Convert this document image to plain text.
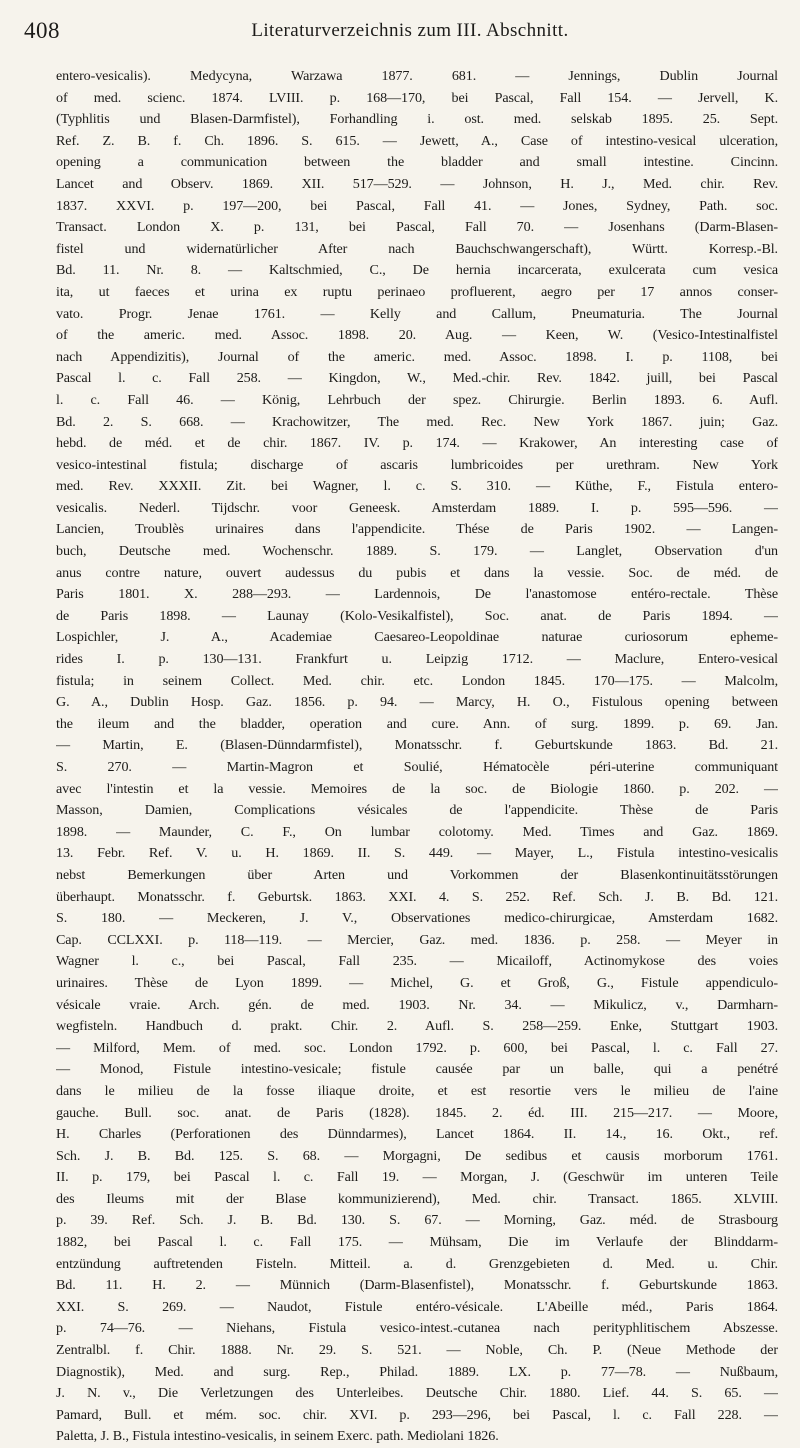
408	Literaturverzeichnis zum III. Abschnitt.
entero-vesicalis). Medycyna, Warzawa 1877. 681. — Jennings, Dublin Journal
of med. scienc. 1874. LVIII. p. 168—170, bei Pascal, Fall 154. — Jervell, K.
(Typhlitis und Blasen-Darmfistel), Forhandling i. ost. med. selskab 1895. 25. Sept.
Ref. Z. B. f. Ch. 1896. S. 615. — Jewett, A., Case of intestino-vesical ulceration,
opening a communication between the bladder and small intestine. Cincinn.
Lancet and Observ. 1869. XII. 517—529. — Johnson, H. J., Med. chir. Rev.
1837. XXVI. p. 197—200, bei Pascal, Fall 41. — Jones, Sydney, Path. soc.
Transact. London X. p. 131, bei Pascal, Fall 70. — Josenhans (Darm-Blasen-
fistel und widernatürlicher After nach Bauchschwangerschaft), Württ. Korresp.-Bl.
Bd. 11. Nr. 8. — Kaltschmied, C., De hernia incarcerata, exulcerata cum vesica
ita, ut faeces et urina ex ruptu perinaeo profluerent, aegro per 17 annos conser-
vato. Progr. Jenae 1761. — Kelly and Callum, Pneumaturia. The Journal
of the americ. med. Assoc. 1898. 20. Aug. — Keen, W. (Vesico-Intestinalfistel
nach Appendizitis), Journal of the americ. med. Assoc. 1898. I. p. 1108, bei
Pascal l. c. Fall 258. — Kingdon, W., Med.-chir. Rev. 1842. juill, bei Pascal
l. c. Fall 46. — König, Lehrbuch der spez. Chirurgie. Berlin 1893. 6. Aufl.
Bd. 2. S. 668. — Krachowitzer, The med. Rec. New York 1867. juin; Gaz.
hebd. de méd. et de chir. 1867. IV. p. 174. — Krakower, An interesting case of
vesico-intestinal fistula; discharge of ascaris lumbricoides per urethram. New York
med. Rev. XXXII. Zit. bei Wagner, l. c. S. 310. — Küthe, F., Fistula entero-
vesicalis. Nederl. Tijdschr. voor Geneesk. Amsterdam 1889. I. p. 595—596. —
Lancien, Troublès urinaires dans l'appendicite. Thése de Paris 1902. — Langen-
buch, Deutsche med. Wochenschr. 1889. S. 179. — Langlet, Observation d'un
anus contre nature, ouvert audessus du pubis et dans la vessie. Soc. de méd. de
Paris 1801. X. 288—293. — Lardennois, De l'anastomose entéro-rectale. Thèse
de Paris 1898. — Launay (Kolo-Vesikalfistel), Soc. anat. de Paris 1894. —
Lospichler, J. A., Academiae Caesareo-Leopoldinae naturae curiosorum epheme-
rides I. p. 130—131. Frankfurt u. Leipzig 1712. — Maclure, Entero-vesical
fistula; in seinem Collect. Med. chir. etc. London 1845. 170—175. — Malcolm,
G. A., Dublin Hosp. Gaz. 1856. p. 94. — Marcy, H. O., Fistulous opening between
the ileum and the bladder, operation and cure. Ann. of surg. 1899. p. 69. Jan.
— Martin, E. (Blasen-Dünndarmfistel), Monatsschr. f. Geburtskunde 1863. Bd. 21.
S. 270. — Martin-Magron et Soulié, Hématocèle péri-uterine communiquant
avec l'intestin et la vessie. Memoires de la soc. de Biologie 1860. p. 202. —
Masson, Damien, Complications vésicales de l'appendicite. Thèse de Paris
1898. — Maunder, C. F., On lumbar colotomy. Med. Times and Gaz. 1869.
13. Febr. Ref. V. u. H. 1869. II. S. 449. — Mayer, L., Fistula intestino-vesicalis
nebst Bemerkungen über Arten und Vorkommen der Blasenkontinuitätsstörungen
überhaupt. Monatsschr. f. Geburtsk. 1863. XXI. 4. S. 252. Ref. Sch. J. B. Bd. 121.
S. 180. — Meckeren, J. V., Observationes medico-chirurgicae, Amsterdam 1682.
Cap. CCLXXI. p. 118—119. — Mercier, Gaz. med. 1836. p. 258. — Meyer in
Wagner l. c., bei Pascal, Fall 235. — Micailoff, Actinomykose des voies
urinaires. Thèse de Lyon 1899. — Michel, G. et Groß, G., Fistule appendiculo-
vésicale vraie. Arch. gén. de med. 1903. Nr. 34. — Mikulicz, v., Darmharn-
wegfisteln. Handbuch d. prakt. Chir. 2. Aufl. S. 258—259. Enke, Stuttgart 1903.
— Milford, Mem. of med. soc. London 1792. p. 600, bei Pascal, l. c. Fall 27.
— Monod, Fistule intestino-vesicale; fistule causée par un balle, qui a penétré
dans le milieu de la fosse iliaque droite, et est resortie vers le milieu de l'aine
gauche. Bull. soc. anat. de Paris (1828). 1845. 2. éd. III. 215—217. — Moore,
H. Charles (Perforationen des Dünndarmes), Lancet 1864. II. 14., 16. Okt., ref.
Sch. J. B. Bd. 125. S. 68. — Morgagni, De sedibus et causis morborum 1761.
II. p. 179, bei Pascal l. c. Fall 19. — Morgan, J. (Geschwür im unteren Teile
des Ileums mit der Blase kommunizierend), Med. chir. Transact. 1865. XLVIII.
p. 39. Ref. Sch. J. B. Bd. 130. S. 67. — Morning, Gaz. méd. de Strasbourg
1882, bei Pascal l. c. Fall 175. — Mühsam, Die im Verlaufe der Blinddarm-
entzündung auftretenden Fisteln. Mitteil. a. d. Grenzgebieten d. Med. u. Chir.
Bd. 11. H. 2. — Münnich (Darm-Blasenfistel), Monatsschr. f. Geburtskunde 1863.
XXI. S. 269. — Naudot, Fistule entéro-vésicale. L'Abeille méd., Paris 1864.
p. 74—76. — Niehans, Fistula vesico-intest.-cutanea nach perityphlitischem Abszesse.
Zentralbl. f. Chir. 1888. Nr. 29. S. 521. — Noble, Ch. P. (Neue Methode der
Diagnostik), Med. and surg. Rep., Philad. 1889. LX. p. 77—78. — Nußbaum,
J. N. v., Die Verletzungen des Unterleibes. Deutsche Chir. 1880. Lief. 44. S. 65. —
Pamard, Bull. et mém. soc. chir. XVI. p. 293—296, bei Pascal, l. c. Fall 228. —
Paletta, J. B., Fistula intestino-vesicalis, in seinem Exerc. path. Mediolani 1826.
